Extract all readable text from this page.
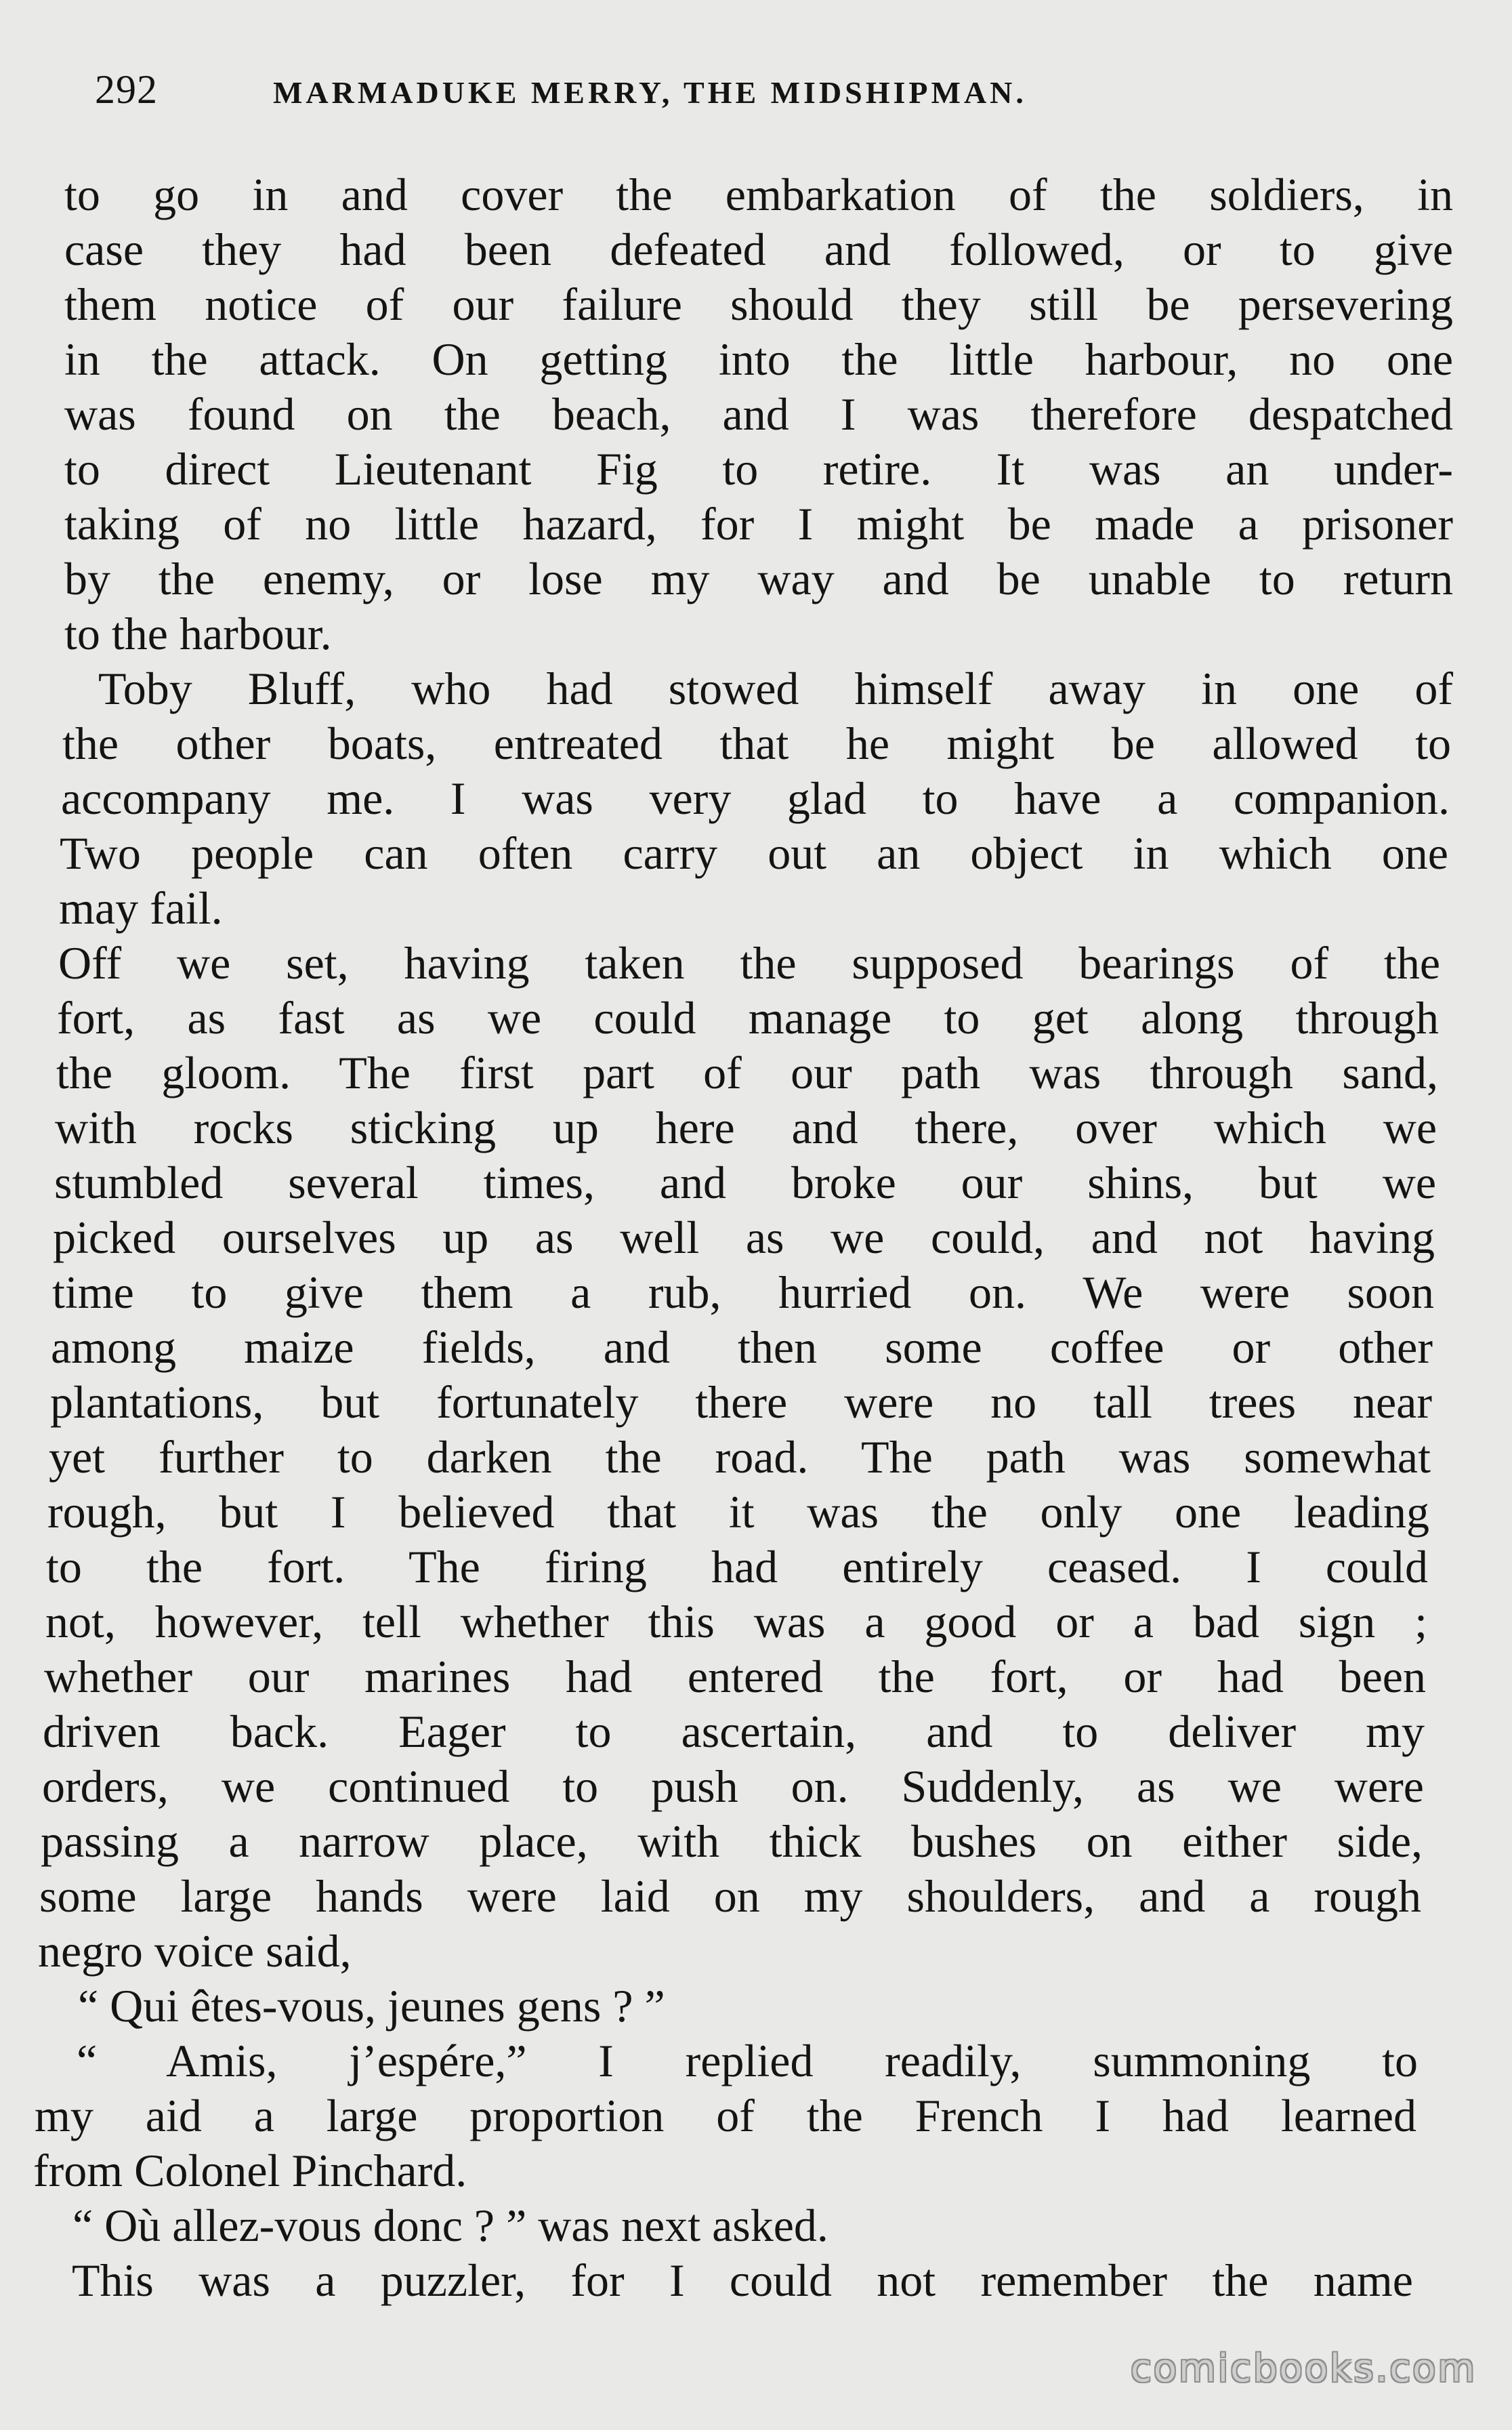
292	MARMADUKE MERRY, THE MIDSHIPMAN.
to go in and cover the embarkation of the soldiers, in
case they had been defeated and followed, or to give
them notice of our failure should they still be persevering
in the attack. On getting into the little harbour, no one
was found on the beach, and I was therefore despatched
to direct Lieutenant Fig to retire. It was an under-
taking of no little hazard, for I might be made a prisoner
by the enemy, or lose my way and be unable to return
to the harbour.
Toby Bluff, who had stowed himself away in one of
the other boats, entreated that he might be allowed to
accompany me. I was very glad to have a companion.
Two people can often carry out an object in which one
may fail.
Off we set, having taken the supposed bearings of the
fort, as fast as we could manage to get along through
the gloom. The first part of our path was through sand,
with rocks sticking up here and there, over which we
stumbled several times, and broke our shins, but we
picked ourselves up as well as we could, and not having
time to give them a rub, hurried on. We were soon
among maize fields, and then some coffee or other
plantations, but fortunately there were no tall trees near
yet further to darken the road. The path was somewhat
rough, but I believed that it was the only one leading
to the fort. The firing had entirely ceased. I could
not, however, tell whether this was a good or a bad sign ;
whether our marines had entered the fort, or had been
driven back. Eager to ascertain, and to deliver my
orders, we continued to push on. Suddenly, as we were
passing a narrow place, with thick bushes on either side,
some large hands were laid on my shoulders, and a rough
negro voice said,
“ Qui êtes-vous, jeunes gens ? ”
“ Amis, j’espére,” I replied readily, summoning to
my aid a large proportion of the French I had learned
from Colonel Pinchard.
“ Où allez-vous donc ? ” was next asked.
This was a puzzler, for I could not remember the name
comicbooks.com
